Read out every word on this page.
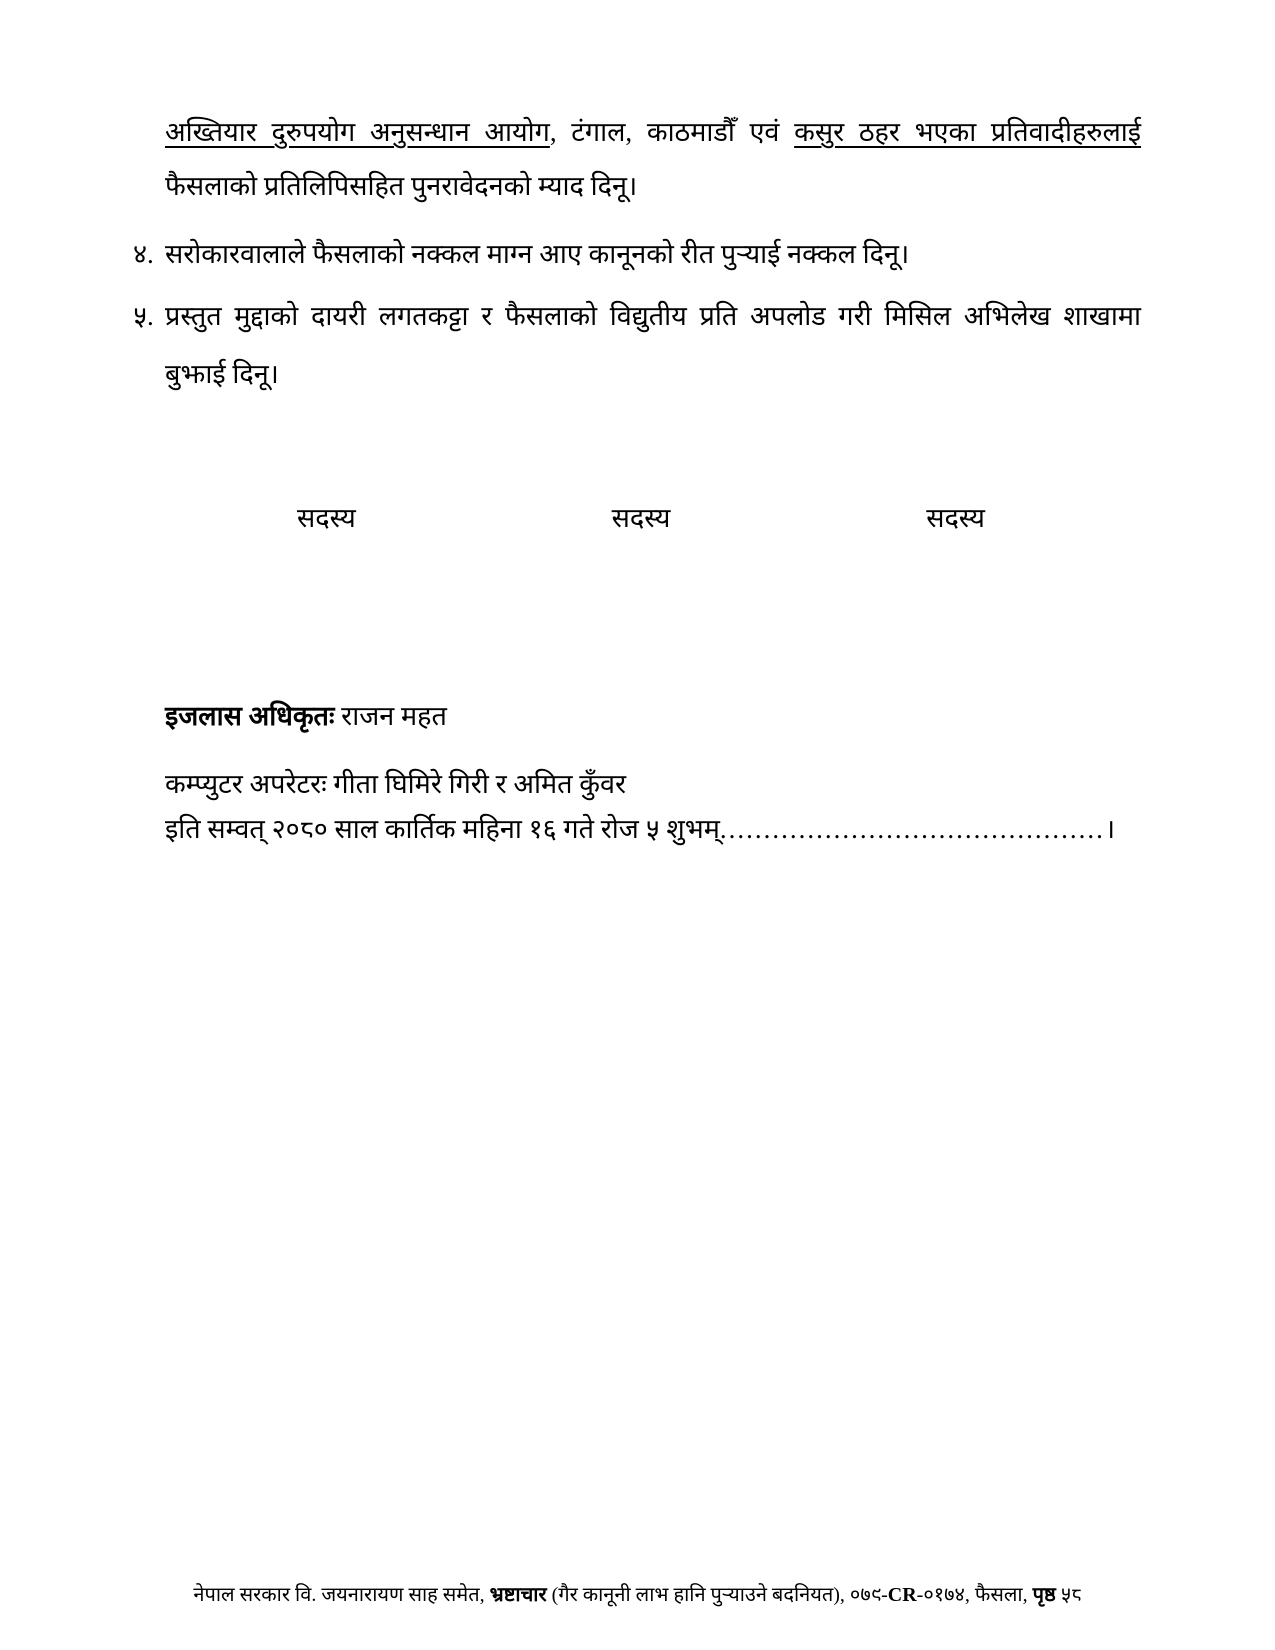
अख्तियार दुरुपयोग अनुसन्धान आयोग, टंगाल, काठमाडौँ एवं कसुर ठहर भएका प्रतिवादीहरुलाई
फैसलाको प्रतिलिपिसहित पुनरावेदनको म्याद दिनू।
४. सरोकारवालाले फैसलाको नक्कल माग्न आए कानूनको रीत पुऱ्याई नक्कल दिनू।
५. प्रस्तुत मुद्दाको दायरी लगतकट्टा र फैसलाको विद्युतीय प्रति अपलोड गरी मिसिल अभिलेख शाखामा
बुझाई दिनू।
सदस्य	सदस्य	सदस्य
इजलास अधिकृतः राजन महत
कम्प्युटर अपरेटरः गीता घिमिरे गिरी र अमित कुँवर
इति सम्वत् २०८० साल कार्तिक महिना १६ गते रोज ५ शुभम्............................................।
नेपाल सरकार वि. जयनारायण साह समेत, भ्रष्टाचार (गैर कानूनी लाभ हानि पुऱ्याउने बदनियत), ०७९-CR-०१७४, फैसला, पृष्ठ ५८
